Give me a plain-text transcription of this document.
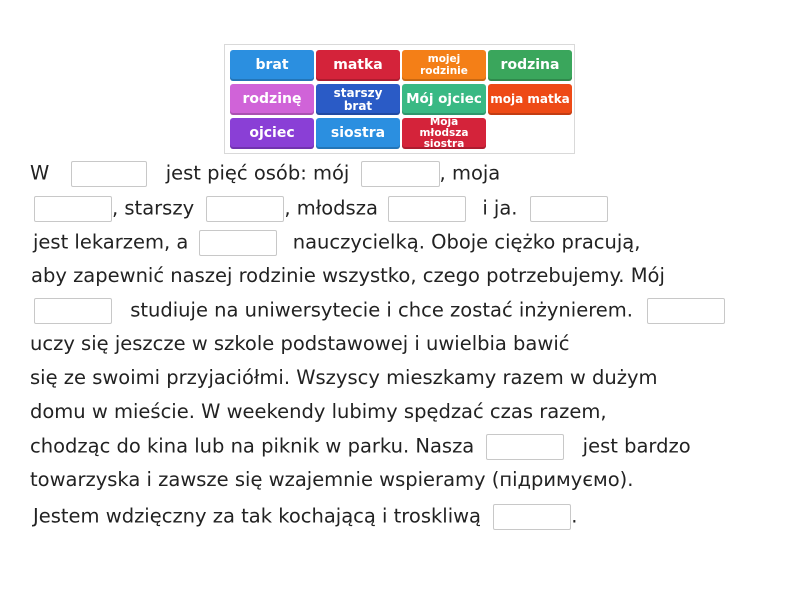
brat	matka	mojej rodzinie	rodzina
rodzinę	starszy brat	Mój ojciec moja matka
ojciec	siostra
Moja młodsza siostra
W	jest pięć osób: mój	, moja
, starszy	, młodsza	i ja.
jest lekarzem, a	nauczycielką. Oboje ciężko pracują,
aby zapewnić naszej rodzinie wszystko, czego potrzebujemy. Mój
studiuje na uniwersytecie i chce zostać inżynierem.
uczy się jeszcze w szkole podstawowej i uwielbia bawić
się ze swoimi przyjaciółmi. Wszyscy mieszkamy razem w dużym
domu w mieście. W weekendy lubimy spędzać czas razem,
chodząc do kina lub na piknik w parku. Nasza	jest bardzo
towarzyska i zawsze się wzajemnie wspieramy (підримуємо).
Jestem wdzięczny za tak kochającą i troskliwą	.
